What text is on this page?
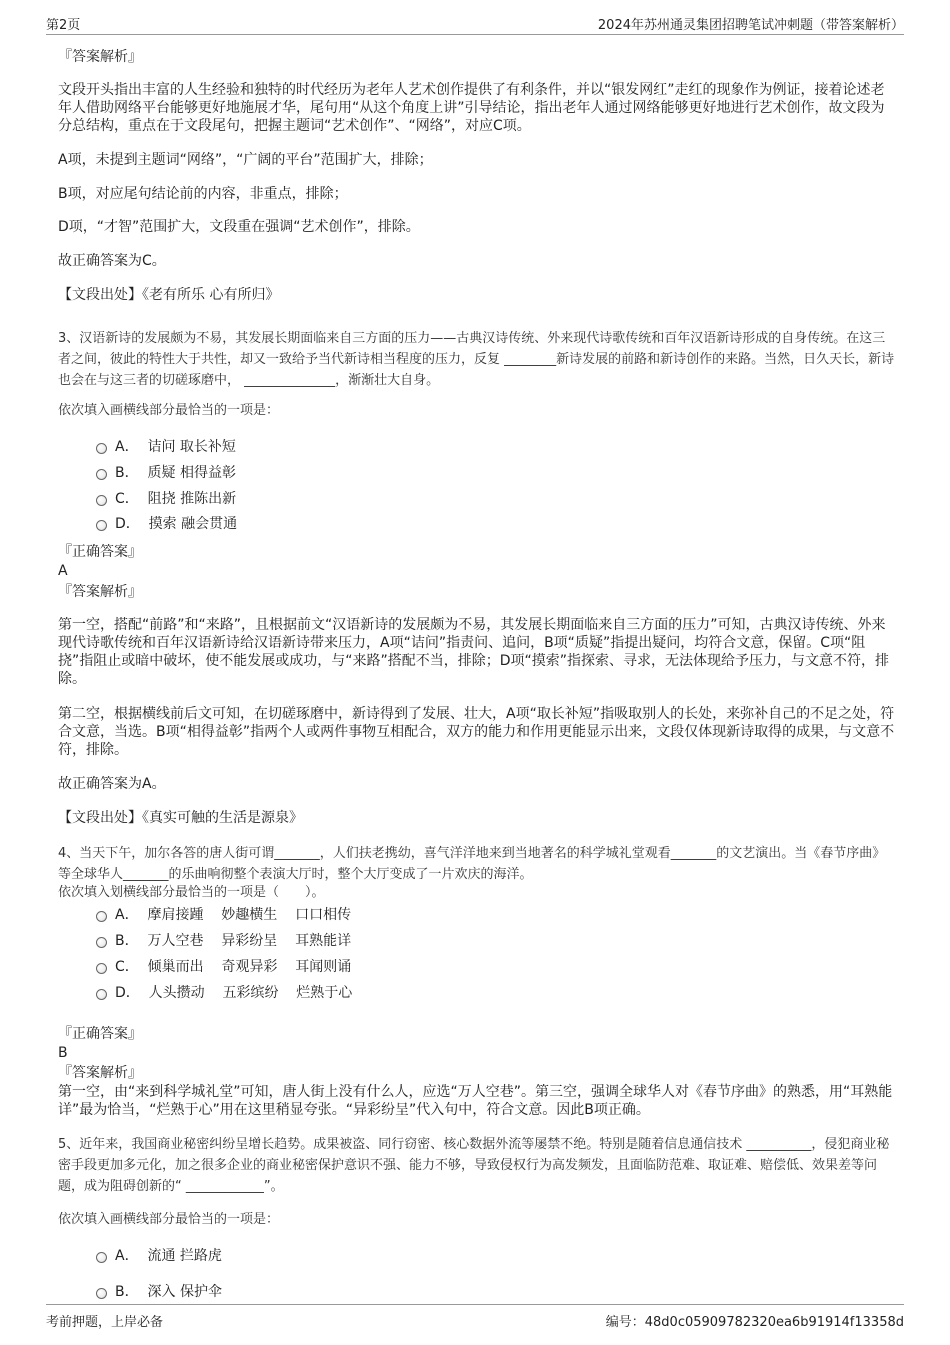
第2页	2024年苏州通灵集团招聘笔试冲刺题（带答案解析）
『答案解析』
文段开头指出丰富的人生经验和独特的时代经历为老年人艺术创作提供了有利条件，并以“银发网红”走红的现象作为例证，接着论述老年人借助网络平台能够更好地施展才华，尾句用“从这个角度上讲”引导结论，指出老年人通过网络能够更好地进行艺术创作，故文段为分总结构，重点在于文段尾句，把握主题词“艺术创作”、“网络”，对应C项。
A项，未提到主题词“网络”，“广阔的平台”范围扩大，排除；
B项，对应尾句结论前的内容，非重点，排除；
D项，“才智”范围扩大，文段重在强调“艺术创作”，排除。
故正确答案为C。
【文段出处】《老有所乐 心有所归》
3、汉语新诗的发展颇为不易，其发展长期面临来自三方面的压力——古典汉诗传统、外来现代诗歌传统和百年汉语新诗形成的自身传统。在这三者之间，彼此的特性大于共性，却又一致给予当代新诗相当程度的压力，反复 ________新诗发展的前路和新诗创作的来路。当然，日久天长，新诗也会在与这三者的切磋琢磨中， ______________，渐渐壮大自身。
依次填入画横线部分最恰当的一项是：
A．  诘问 取长补短
B．  质疑 相得益彰
C．  阻挠 推陈出新
D．  摸索 融会贯通
『正确答案』
A
『答案解析』
第一空，搭配“前路”和“来路”，且根据前文“汉语新诗的发展颇为不易，其发展长期面临来自三方面的压力”可知，古典汉诗传统、外来现代诗歌传统和百年汉语新诗给汉语新诗带来压力，A项“诘问”指责问、追问，B项“质疑”指提出疑问，均符合文意，保留。C项“阻挠”指阻止或暗中破坏，使不能发展或成功，与“来路”搭配不当，排除；D项“摸索”指探索、寻求，无法体现给予压力，与文意不符，排除。
第二空，根据横线前后文可知，在切磋琢磨中，新诗得到了发展、壮大，A项“取长补短”指吸取别人的长处，来弥补自己的不足之处，符合文意，当选。B项“相得益彰”指两个人或两件事物互相配合，双方的能力和作用更能显示出来，文段仅体现新诗取得的成果，与文意不符，排除。
故正确答案为A。
【文段出处】《真实可触的生活是源泉》
4、当天下午，加尔各答的唐人街可谓_______，人们扶老携幼，喜气洋洋地来到当地著名的科学城礼堂观看_______的文艺演出。当《春节序曲》等全球华人_______的乐曲响彻整个表演大厅时，整个大厅变成了一片欢庆的海洋。
依次填入划横线部分最恰当的一项是（　　）。
A．  摩肩接踵    妙趣横生    口口相传
B．  万人空巷    异彩纷呈    耳熟能详
C．  倾巢而出    奇观异彩    耳闻则诵
D．  人头攒动    五彩缤纷    烂熟于心
『正确答案』
B
『答案解析』
第一空，由“来到科学城礼堂”可知，唐人街上没有什么人，应选“万人空巷”。第三空，强调全球华人对《春节序曲》的熟悉，用“耳熟能详”最为恰当，“烂熟于心”用在这里稍显夸张。“异彩纷呈”代入句中，符合文意。因此B项正确。
5、近年来，我国商业秘密纠纷呈增长趋势。成果被盗、同行窃密、核心数据外流等屡禁不绝。特别是随着信息通信技术 __________，侵犯商业秘密手段更加多元化，加之很多企业的商业秘密保护意识不强、能力不够，导致侵权行为高发频发，且面临防范难、取证难、赔偿低、效果差等问题，成为阻碍创新的“ ____________”。
依次填入画横线部分最恰当的一项是：
A．  流通 拦路虎
B．  深入 保护伞
考前押题，上岸必备	编号：48d0c05909782320ea6b91914f13358d
